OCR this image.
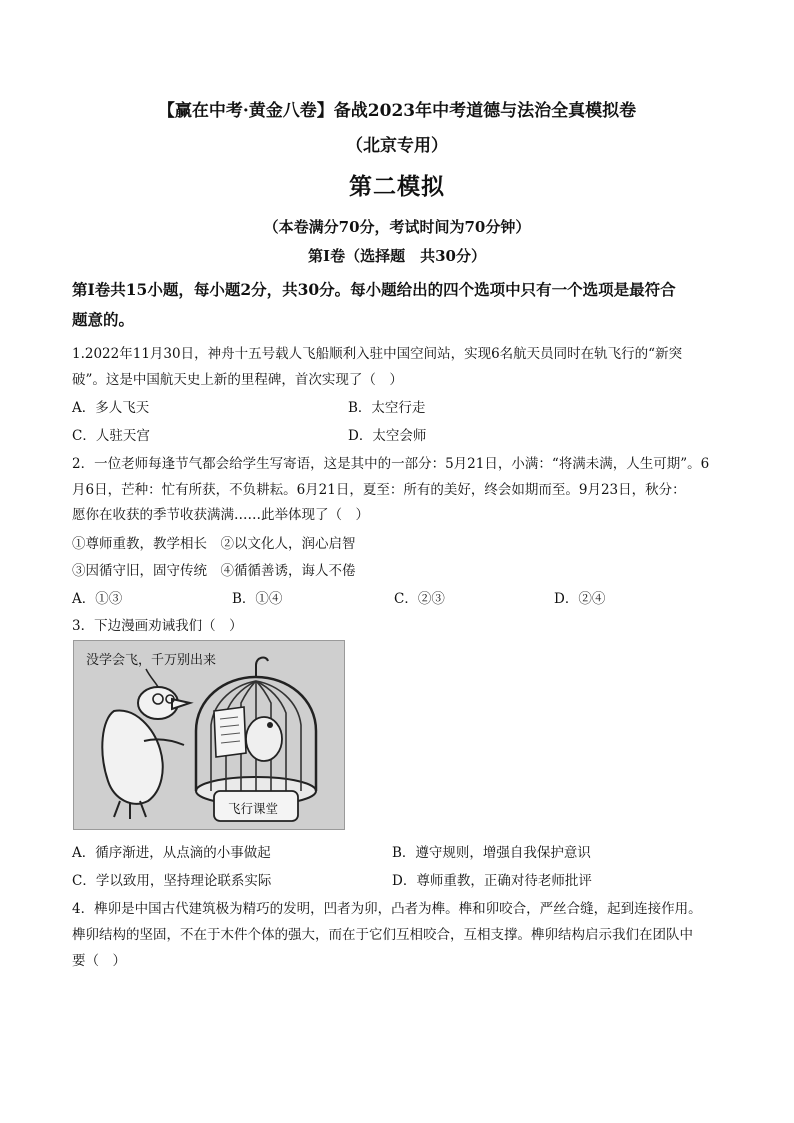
【赢在中考·黄金八卷】备战2023年中考道德与法治全真模拟卷
（北京专用）
第二模拟
（本卷满分70分，考试时间为70分钟）
第I卷（选择题　共30分）
第I卷共15小题，每小题2分，共30分。每小题给出的四个选项中只有一个选项是最符合
题意的。
1.2022年11月30日，神舟十五号载人飞船顺利入驻中国空间站，实现6名航天员同时在轨飞行的“新突
破”。这是中国航天史上新的里程碑，首次实现了（　）
A．多人飞天	B．太空行走
C．人驻天宫	D．太空会师
2．一位老师每逢节气都会给学生写寄语，这是其中的一部分：5月21日，小满：“将满未满，人生可期”。6
月6日，芒种：忙有所获，不负耕耘。6月21日，夏至：所有的美好，终会如期而至。9月23日，秋分：
愿你在收获的季节收获满满……此举体现了（　）
①尊师重教，教学相长　②以文化人，润心启智
③因循守旧，固守传统　④循循善诱，诲人不倦
A．①③	B．①④	C．②③	D．②④
3．下边漫画劝诫我们（　）
没学会飞，千万别出来
飞行课堂
A．循序渐进，从点滴的小事做起	B．遵守规则，增强自我保护意识
C．学以致用，坚持理论联系实际	D．尊师重教，正确对待老师批评
4．榫卯是中国古代建筑极为精巧的发明，凹者为卯，凸者为榫。榫和卯咬合，严丝合缝，起到连接作用。
榫卯结构的坚固，不在于木件个体的强大，而在于它们互相咬合，互相支撑。榫卯结构启示我们在团队中
要（　）
